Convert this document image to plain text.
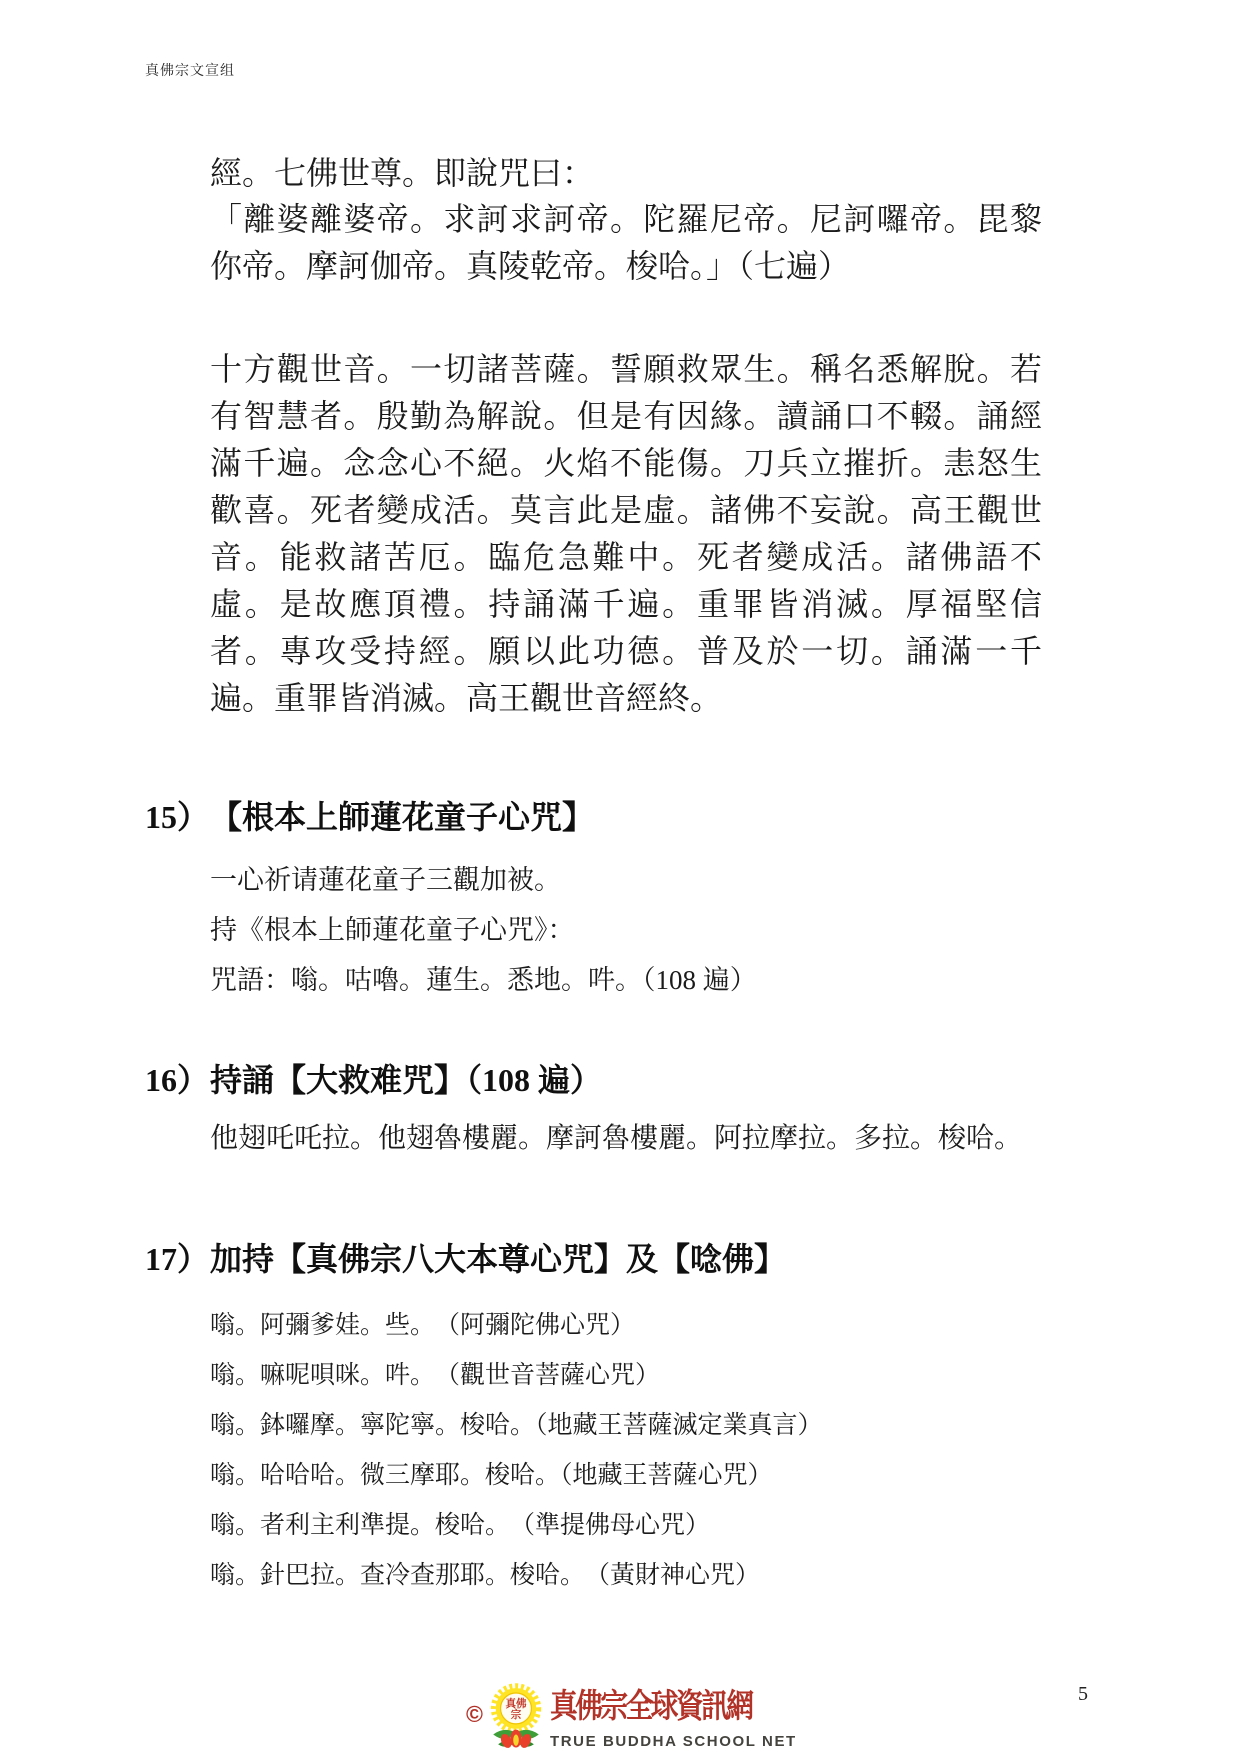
真佛宗文宣组
經。七佛世尊。即說咒曰：
「離婆離婆帝。求訶求訶帝。陀羅尼帝。尼訶囉帝。毘黎
你帝。摩訶伽帝。真陵乾帝。梭哈。」（七遍）
十方觀世音。一切諸菩薩。誓願救眾生。稱名悉解脫。若
有智慧者。殷勤為解說。但是有因緣。讀誦口不輟。誦經
滿千遍。念念心不絕。火焰不能傷。刀兵立摧折。恚怒生
歡喜。死者變成活。莫言此是虛。諸佛不妄說。高王觀世
音。能救諸苦厄。臨危急難中。死者變成活。諸佛語不
虛。是故應頂禮。持誦滿千遍。重罪皆消滅。厚福堅信
者。專攻受持經。願以此功德。普及於一切。誦滿一千
遍。重罪皆消滅。高王觀世音經終。
15） 【根本上師蓮花童子心咒】
一心祈请蓮花童子三觀加被。
持《根本上師蓮花童子心咒》：
咒語：嗡。咕嚕。蓮生。悉地。吽。（108 遍）
16） 持誦【大救难咒】（108 遍）
他翅吒吒拉。他翅魯樓麗。摩訶魯樓麗。阿拉摩拉。多拉。梭哈。
17） 加持【真佛宗八大本尊心咒】及【唸佛】
嗡。阿彌爹娃。些。　（阿彌陀佛心咒）
嗡。嘛呢唄咪。吽。　（觀世音菩薩心咒）
嗡。鉢囉摩。寧陀寧。梭哈。（地藏王菩薩滅定業真言）
嗡。哈哈哈。微三摩耶。梭哈。（地藏王菩薩心咒）
嗡。者利主利準提。梭哈。　（準提佛母心咒）
嗡。針巴拉。查冷查那耶。梭哈。　（黃財神心咒）
© 真佛
宗 真佛宗全球資訊網
TRUE BUDDHA SCHOOL NET
5
